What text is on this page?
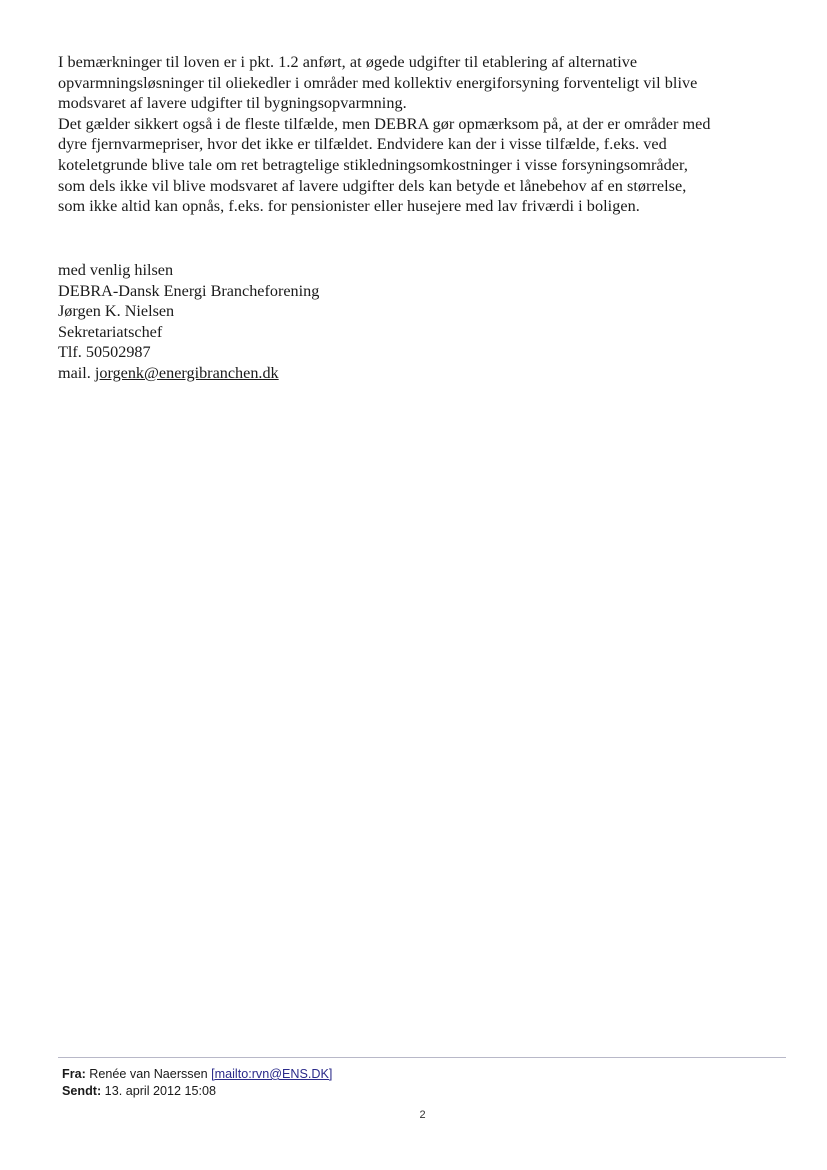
I bemærkninger til loven er i pkt. 1.2 anført, at øgede udgifter til etablering af alternative
opvarmningsløsninger til oliekedler i områder med kollektiv energiforsyning forventeligt vil blive
modsvaret af lavere udgifter til bygningsopvarmning.
Det gælder sikkert også i de fleste tilfælde, men DEBRA gør opmærksom på, at der er områder med
dyre fjernvarmepriser, hvor det ikke er tilfældet. Endvidere kan der i visse tilfælde, f.eks. ved
koteletgrunde blive tale om ret betragtelige stikledningsomkostninger i visse forsyningsområder,
som dels ikke vil blive modsvaret af lavere udgifter dels kan betyde et lånebehov af en størrelse,
som ikke altid kan opnås, f.eks. for pensionister eller husejere med lav friværdi i boligen.
med venlig hilsen
DEBRA-Dansk Energi Brancheforening
Jørgen K. Nielsen
Sekretariatschef
Tlf. 50502987
mail. jorgenk@energibranchen.dk
Fra: Renée van Naerssen [mailto:rvn@ENS.DK]
Sendt: 13. april 2012 15:08
2
